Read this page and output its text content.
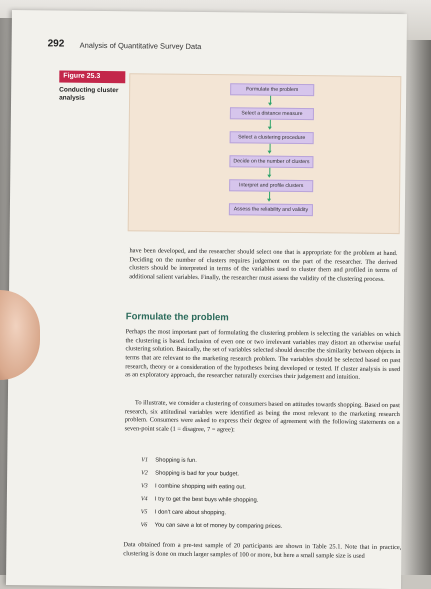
292 Analysis of Quantitative Survey Data
Figure 25.3
Conducting cluster analysis
Formulate the problem
Select a distance measure
Select a clustering procedure
Decide on the number of clusters
Interpret and profile clusters
Assess the reliability and validity
have been developed, and the researcher should select one that is appropriate for the problem at hand. Deciding on the number of clusters requires judgement on the part of the researcher. The derived clusters should be interpreted in terms of the variables used to cluster them and profiled in terms of additional salient variables. Finally, the researcher must assess the validity of the clustering process.
Formulate the problem
Perhaps the most important part of formulating the clustering problem is selecting the variables on which the clustering is based. Inclusion of even one or two irrelevant variables may distort an otherwise useful clustering solution. Basically, the set of variables selected should describe the similarity between objects in terms that are relevant to the marketing research problem. The variables should be selected based on past research, theory or a consideration of the hypotheses being developed or tested. If cluster analysis is used as an exploratory approach, the researcher naturally exercises their judgement and intuition.
To illustrate, we consider a clustering of consumers based on attitudes towards shopping. Based on past research, six attitudinal variables were identified as being the most relevant to the marketing research problem. Consumers were asked to express their degree of agreement with the following statements on a seven-point scale (1 = disagree, 7 = agree):
V1 Shopping is fun.
V2 Shopping is bad for your budget.
V3 I combine shopping with eating out.
V4 I try to get the best buys while shopping.
V5 I don't care about shopping.
V6 You can save a lot of money by comparing prices.
Data obtained from a pre-test sample of 20 participants are shown in Table 25.1. Note that in practice, clustering is done on much larger samples of 100 or more, but here a small sample size is used
